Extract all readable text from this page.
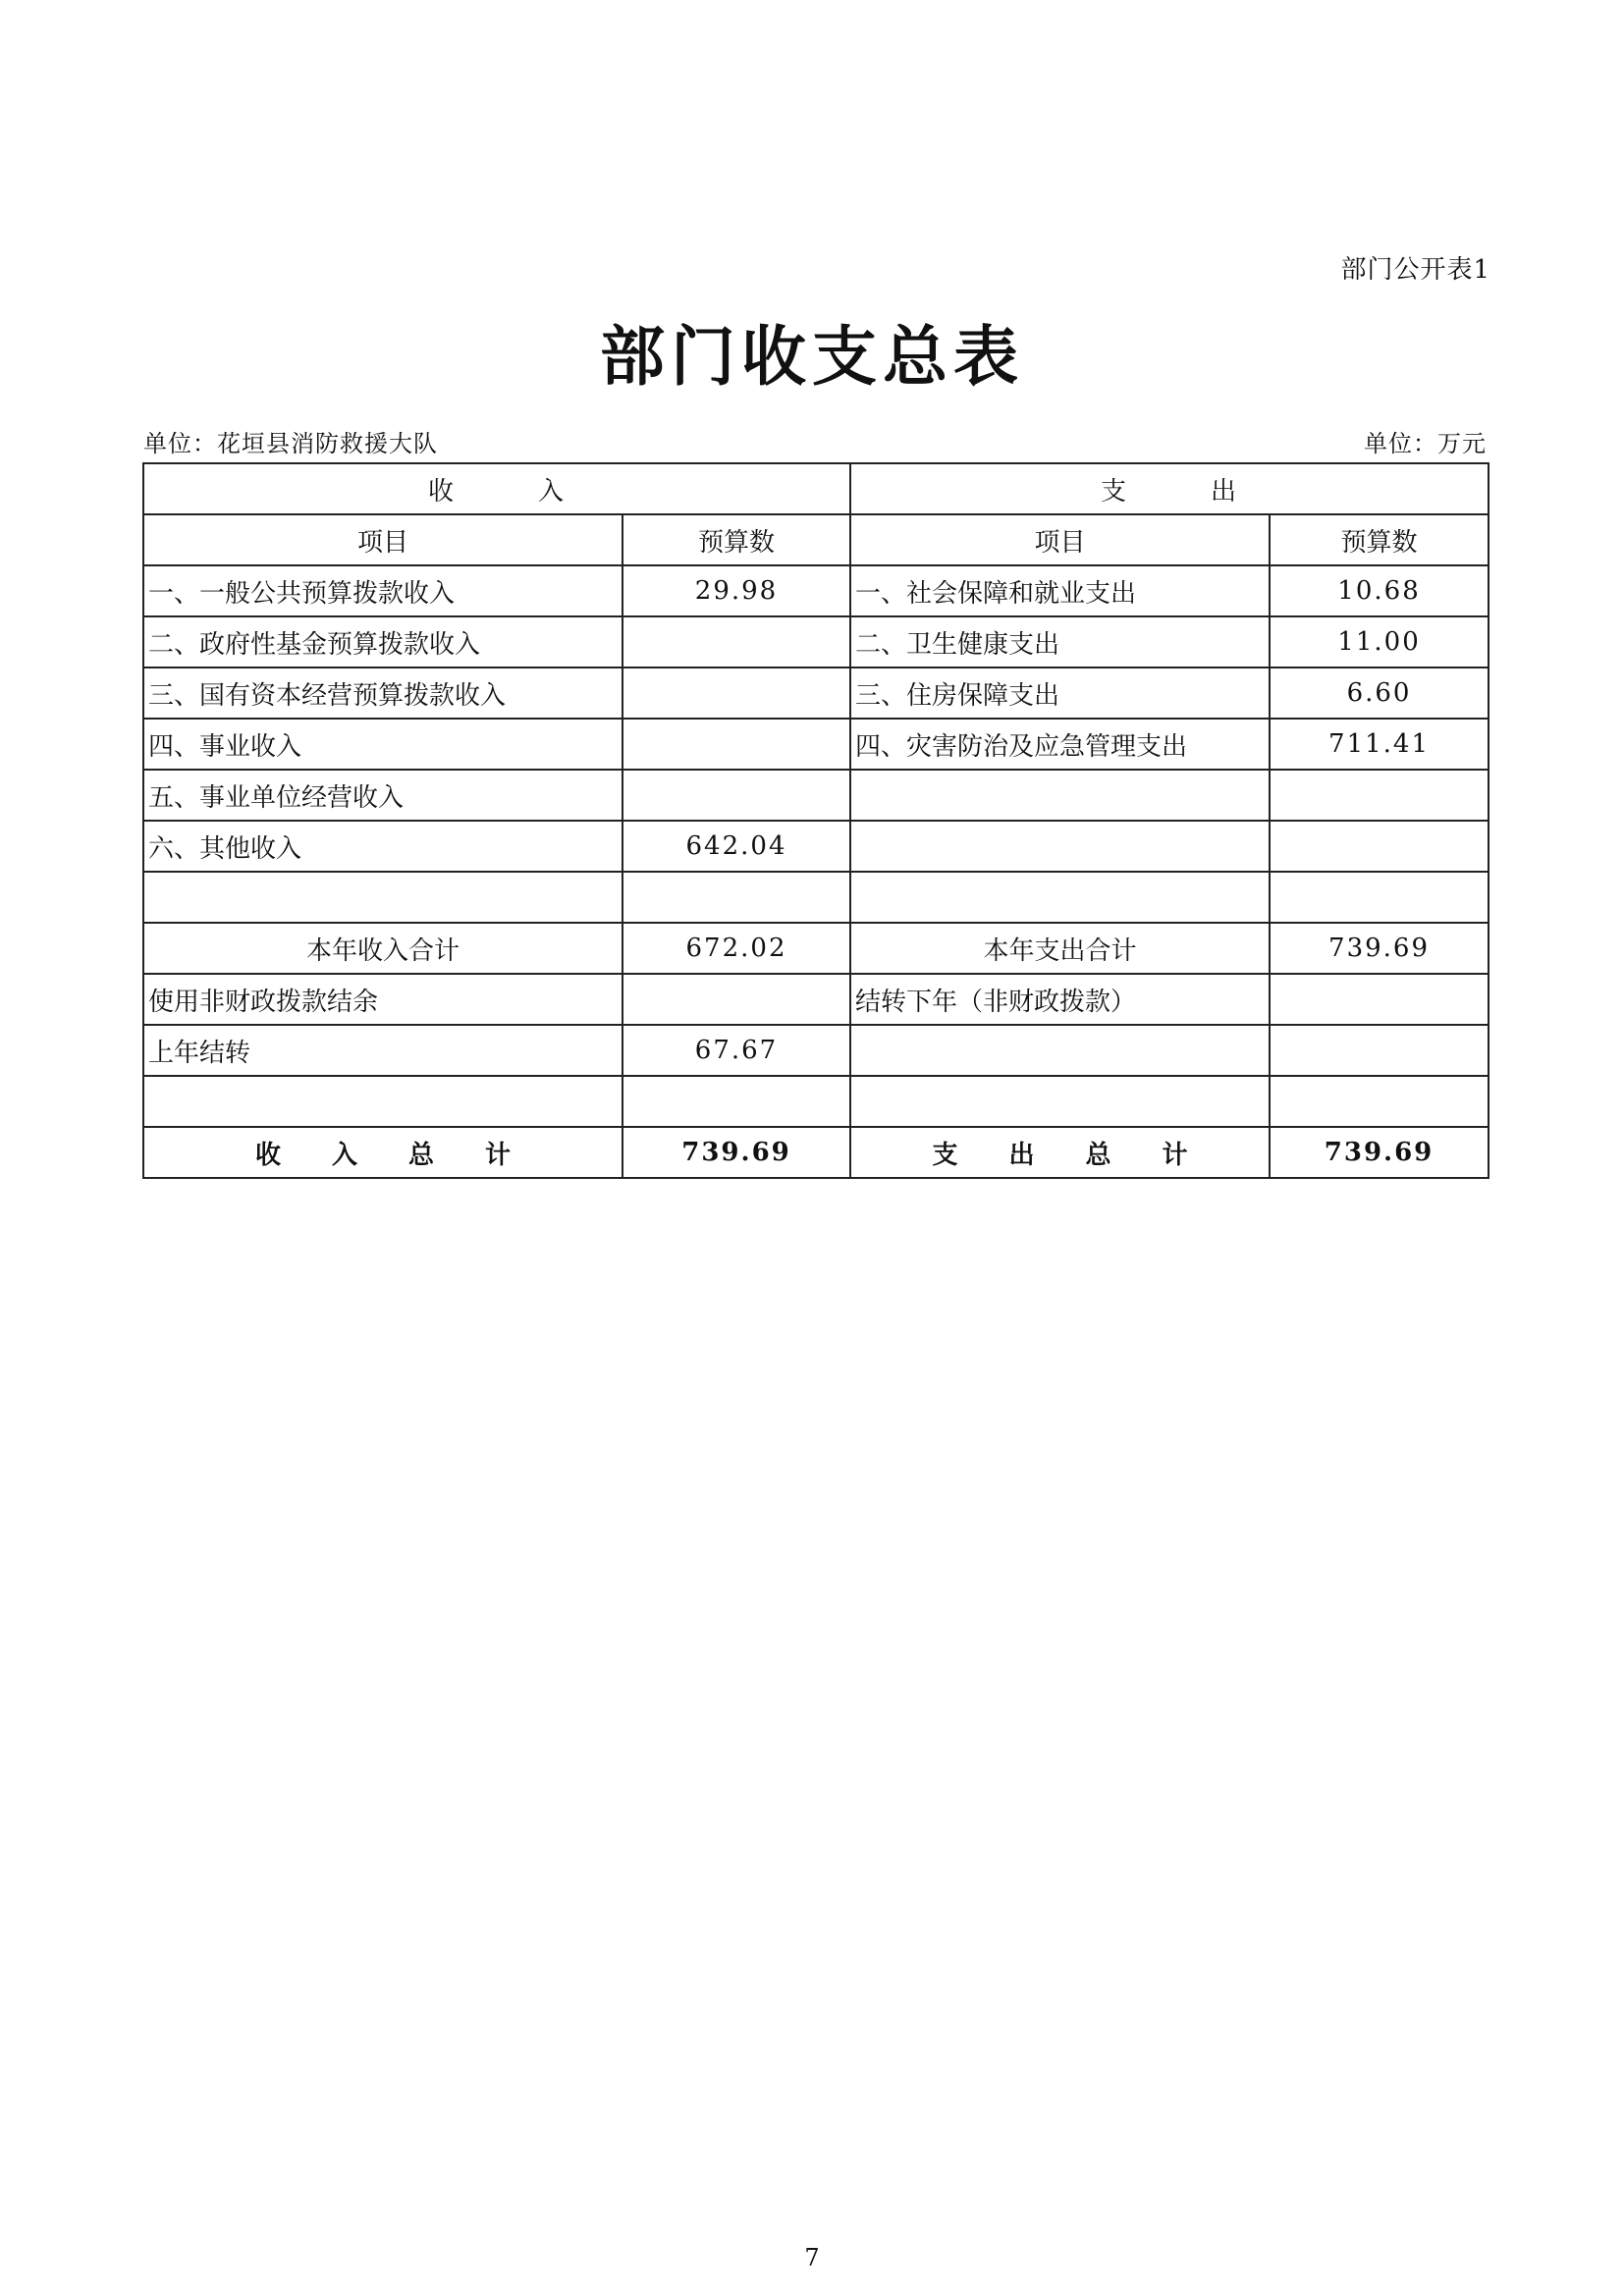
部门公开表1
部门收支总表
单位：花垣县消防救援大队	单位：万元
收　　　入		支　　　出	
项目	预算数	项目	预算数
一、一般公共预算拨款收入	29.98	一、社会保障和就业支出	10.68
二、政府性基金预算拨款收入		二、卫生健康支出	11.00
三、国有资本经营预算拨款收入		三、住房保障支出	6.60
四、事业收入		四、灾害防治及应急管理支出	711.41
五、事业单位经营收入			
六、其他收入	642.04		

本年收入合计	672.02	本年支出合计	739.69
使用非财政拨款结余		结转下年（非财政拨款）	
上年结转	67.67		

收　　入　　总　　计	739.69	支　　出　　总　　计	739.69
7
